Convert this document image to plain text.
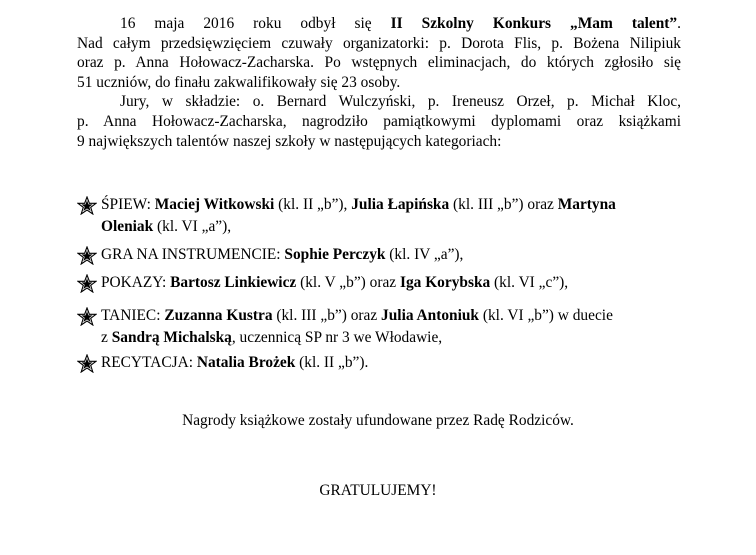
16 maja 2016 roku odbył się II Szkolny Konkurs „Mam talent”.
Nad całym przedsięwzięciem czuwały organizatorki: p. Dorota Flis, p. Bożena Nilipiuk
oraz p. Anna Hołowacz-Zacharska. Po wstępnych eliminacjach, do których zgłosiło się
51 uczniów, do finału zakwalifikowały się 23 osoby.

Jury, w składzie: o. Bernard Wulczyński, p. Ireneusz Orzeł, p. Michał Kloc,
p. Anna Hołowacz-Zacharska, nagrodziło pamiątkowymi dyplomami oraz książkami
9 największych talentów naszej szkoły w następujących kategoriach:

ŚPIEW: Maciej Witkowski (kl. II „b”), Julia Łapińska (kl. III „b”) oraz Martyna
Oleniak (kl. VI „a”),
GRA NA INSTRUMENCIE: Sophie Perczyk (kl. IV „a”),
POKAZY: Bartosz Linkiewicz (kl. V „b”) oraz Iga Korybska (kl. VI „c”),
TANIEC: Zuzanna Kustra (kl. III „b”) oraz Julia Antoniuk (kl. VI „b”) w duecie
z Sandrą Michalską, uczennicą SP nr 3 we Włodawie,
RECYTACJA: Natalia Brożek (kl. II „b”).
Nagrody książkowe zostały ufundowane przez Radę Rodziców.
GRATULUJEMY!
